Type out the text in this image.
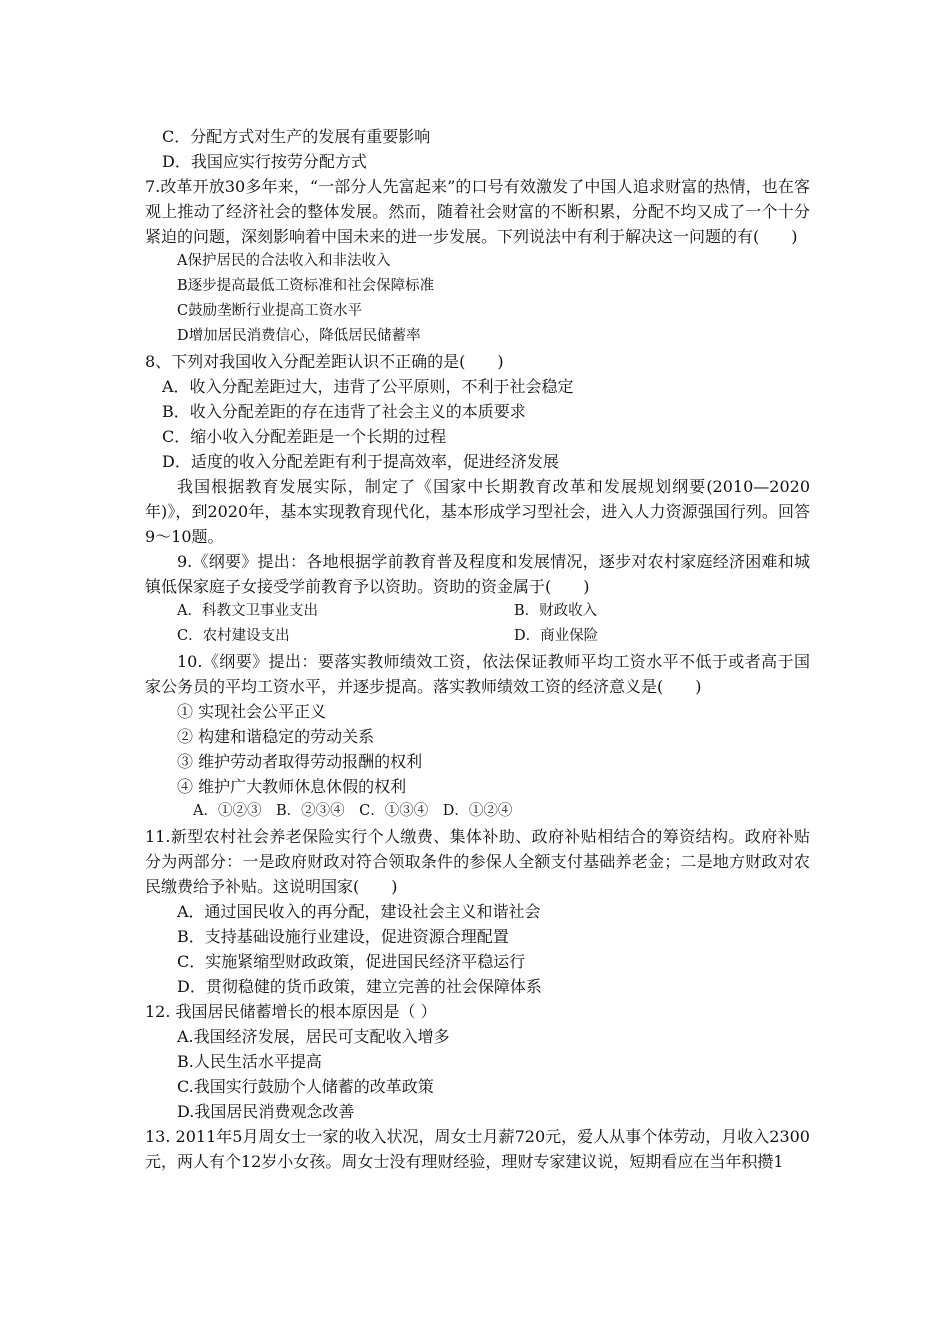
C．分配方式对生产的发展有重要影响
D．我国应实行按劳分配方式
7.改革开放30多年来，“一部分人先富起来”的口号有效激发了中国人追求财富的热情，也在客观上推动了经济社会的整体发展。然而，随着社会财富的不断积累，分配不均又成了一个十分紧迫的问题，深刻影响着中国未来的进一步发展。下列说法中有利于解决这一问题的有(　　)
A保护居民的合法收入和非法收入
B逐步提高最低工资标准和社会保障标准
C鼓励垄断行业提高工资水平
D增加居民消费信心，降低居民储蓄率
8、下列对我国收入分配差距认识不正确的是(　　)
A．收入分配差距过大，违背了公平原则，不利于社会稳定
B．收入分配差距的存在违背了社会主义的本质要求
C．缩小收入分配差距是一个长期的过程
D．适度的收入分配差距有利于提高效率，促进经济发展
我国根据教育发展实际，制定了《国家中长期教育改革和发展规划纲要(2010—2020年)》，到2020年，基本实现教育现代化，基本形成学习型社会，进入人力资源强国行列。回答9～10题。
9.《纲要》提出：各地根据学前教育普及程度和发展情况，逐步对农村家庭经济困难和城镇低保家庭子女接受学前教育予以资助。资助的资金属于(　　)
A．科教文卫事业支出	B．财政收入
C．农村建设支出	D．商业保险
10.《纲要》提出：要落实教师绩效工资，依法保证教师平均工资水平不低于或者高于国家公务员的平均工资水平，并逐步提高。落实教师绩效工资的经济意义是(　　)
① 实现社会公平正义
② 构建和谐稳定的劳动关系
③ 维护劳动者取得劳动报酬的权利
④ 维护广大教师休息休假的权利
A．①②③　B．②③④　C．①③④　D．①②④
11.新型农村社会养老保险实行个人缴费、集体补助、政府补贴相结合的筹资结构。政府补贴分为两部分：一是政府财政对符合领取条件的参保人全额支付基础养老金；二是地方财政对农民缴费给予补贴。这说明国家(　　)
A．通过国民收入的再分配，建设社会主义和谐社会
B．支持基础设施行业建设，促进资源合理配置
C．实施紧缩型财政政策，促进国民经济平稳运行
D．贯彻稳健的货币政策，建立完善的社会保障体系
12. 我国居民储蓄增长的根本原因是（ ）
A.我国经济发展，居民可支配收入增多
B.人民生活水平提高
C.我国实行鼓励个人储蓄的改革政策
D.我国居民消费观念改善
13. 2011年5月周女士一家的收入状况，周女士月薪720元，爱人从事个体劳动，月收入2300元，两人有个12岁小女孩。周女士没有理财经验，理财专家建议说，短期看应在当年积攒1
